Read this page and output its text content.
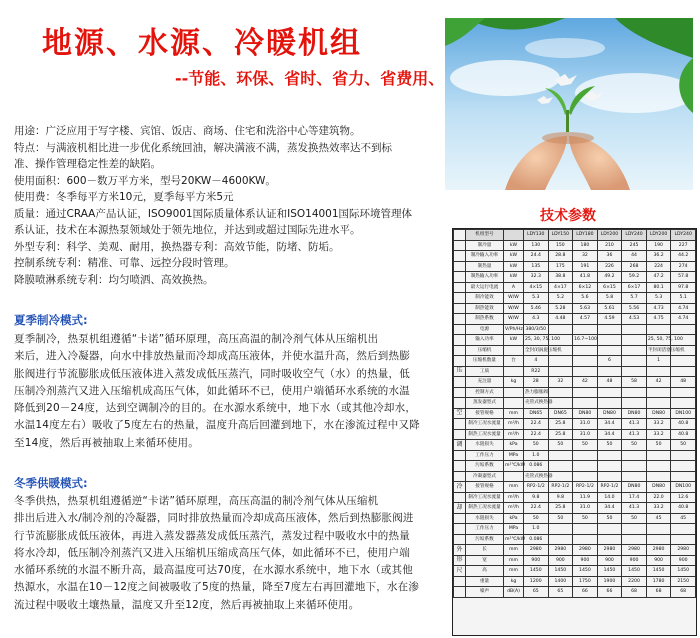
地源、水源、冷暖机组
--节能、环保、省时、省力、省费用、

用途：广泛应用于写字楼、宾馆、饭店、商场、住宅和洗浴中心等建筑物。

特点：与满液机相比进一步优化系统回油，解决满液不满，蒸发换热效率达不到标

准、操作管理稳定性差的缺陷。

使用面积：600－数万平方米，型号20KW－4600KW。

使用费：冬季每平方米10元，夏季每平方米5元

质量：通过CRAA产品认证，ISO9001国际质量体系认证和ISO14001国际环境管理体

系认证，技术在本源热泵领域处于领先地位，并达到或超过国际先进水平。

外型专利：科学、美观、耐用，换热器专利：高效节能，防堵、防垢。

控制系统专利：精准、可靠、远控分段时管理。

降膜喷淋系统专利：均匀喷洒、高效换热。

夏季制冷模式:

夏季制冷，热泵机组遵循“卡诺”循环原理，高压高温的制冷剂气体从压缩机出

来后，进入冷凝器，向水中排放热量而冷却成高压液体，并使水温升高，然后到热膨

胀阀进行节流膨胀成低压液体进入蒸发成低压蒸汽，同时吸收空气（水）的热量，低

压制冷剂蒸汽又进入压缩机成高压气体，如此循环不已，使用户端循环水系统的水温

降低到20－24度，达到空调制冷的目的。在水源水系统中，地下水（或其他冷却水，

水温14度左右）吸收了5度左右的热量，温度升高后回灌到地下，水在渗流过程中又降

至14度，然后再被抽取上来循环使用。

冬季供暖模式:

冬季供热，热泵机组遵循逆“卡诺”循环原理，高压高温的制冷剂气体从压缩机

排出后进入水/制冷剂的冷凝器，同时排放热量而冷却成高压液体，然后到热膨胀阀进

行节流膨胀成低压液体，再进入蒸发器蒸发成低压蒸汽，蒸发过程中吸收水中的热量

将水冷却，低压制冷剂蒸汽又进入压缩机压缩成高压气体，如此循环不已，使用户端

水循环系统的水温不断升高，最高温度可达70度，在水源水系统中，地下水（或其他

热源水，水温在10－12度之间被吸收了5度的热量，降至7度左右再回灌地下，水在渗

流过程中吸收土壤热量，温度又升至12度，然后再被抽取上来循环使用。

技术参数
	机组型号		LDY130	LDY150	LDY180	LDY200	LDY240	LDY200	LDY240
	制冷量	kW	130	150	180	210	245	190	227
	制冷输入功率	kW	24.4	28.8	32	36	44	36.2	44.2
	制热量	kW	135	175	191	226	268	224	274
	制热输入功率	kW	32.3	38.8	41.8	49.2	59.2	47.2	57.8
	最大运行电流	A	4×15	4×17	6×12	6×15	6×17	80.1	97.8
	制冷能效	W/W	5.3	5.2	5.6	5.8	5.7	5.3	5.1
	制热能效	W/W	5.46	5.28	5.63	5.61	5.56	4.73	4.74
	制热系数	W/W	4.3	4.48	4.57	4.59	4.53	4.75	4.74
	电源	V/Ph/Hz	380/3/50						
	输入功率	kW	25, 30, 75, 100		16.7~100			25, 50, 75, 100	
	压缩机		全封闭涡旋压缩机					半封闭活塞压缩机	
	压缩机数量	台	4			6		1	
压	工质		R22						
	充注量	kg	28	32	42	48	58	42	48
	控制方式		热力膨胀阀						
	蒸发器型式		壳管式换热器						
空	接管规格	mm	DN65	DN65	DN80	DN80	DN80	DN80	DN100
	制冷工况水流量	m³/h	22.4	25.8	31.0	34.4	41.3	33.2	40.8
	制热工况水流量	m³/h	22.4	25.8	31.0	34.4	41.3	33.2	40.8
调	水阻损失	kPa	50	50	50	50	50	50	50
	工作压力	MPa	1.0						
	污垢系数	m²℃/kW	0.086						
	冷凝器型式		壳管式换热器						
冷	接管规格	mm	RP2-1/2	RP2-1/2	RP2-1/2	RP2-1/2	DN80	DN80	DN100
	制冷工况水流量	m³/h	9.8	9.8	11.9	14.0	17.4	22.0	12.6
却	制热工况水流量	m³/h	22.4	25.8	31.0	34.4	41.3	33.2	40.8
	水阻损失	kPa	50	50	50	50	50	45	45
	工作压力	MPa	1.0						
	污垢系数	m²℃/kW	0.086						
外	长	mm	2980	2980	2980	2980	2980	2980	2980
形	宽	mm	900	900	900	900	900	900	900
尺	高	mm	1450	1450	1450	1450	1450	1450	1450
	重量	kg	1200	1400	1750	1900	2200	1780	2150
	噪声	dB(A)	65	65	66	66	68	68	68
